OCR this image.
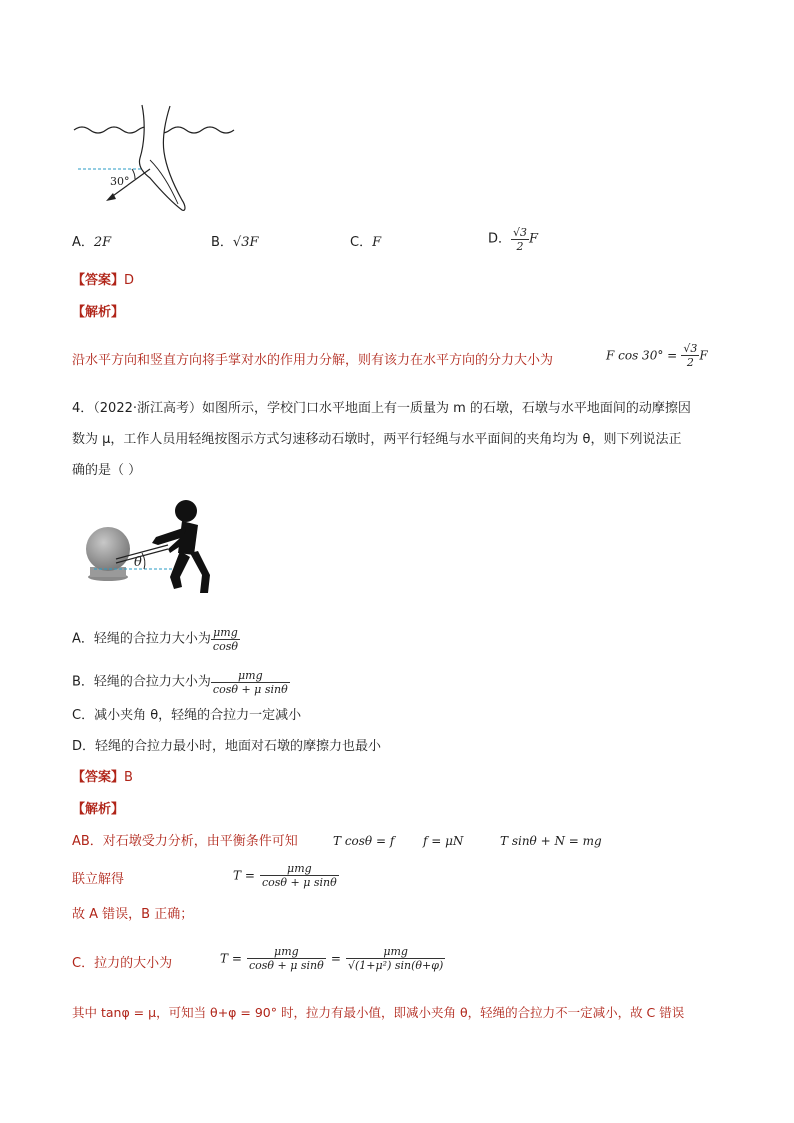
30°
A．2F	B．√3F	C．F	D． $\frac{√3}{2}$ F
【答案】D
【解析】
沿水平方向和竖直方向将手掌对水的作用力分解，则有该力在水平方向的分力大小为	F $\cos 30^\circ = \frac{√3}{2}$ F
4．（2022·浙江高考）如图所示，学校门口水平地面上有一质量为 m 的石墩，石墩与水平地面间的动摩擦因
数为 μ，工作人员用轻绳按图示方式匀速移动石墩时，两平行轻绳与水平面间的夹角均为 θ，则下列说法正
确的是（ ）
θ
A．轻绳的合拉力大小为 $\frac{\text{μmg}}{\cos\theta}$
B．轻绳的合拉力大小为 $\frac{\text{μmg}}{\text{cosθ + μ sinθ}}$
C．减小夹角 θ，轻绳的合拉力一定减小
D．轻绳的合拉力最小时，地面对石墩的摩擦力也最小
【答案】B
【解析】
AB．对石墩受力分析，由平衡条件可知	T cosθ = f f = μN	T sinθ + N = mg
联立解得	$T = \frac{\text{μmg}}{\text{cosθ + μ sinθ}}$
故 A 错误，B 正确；
C．拉力的大小为	$T = \frac{\text{μmg}}{\text{cosθ + μ sinθ}} = \frac{\text{μmg}}{\text{√(1+μ²) sin(θ+φ)}}$
其中 tanφ = μ，可知当 θ+φ = 90° 时，拉力有最小值，即减小夹角 θ，轻绳的合拉力不一定减小，故 C 错误
